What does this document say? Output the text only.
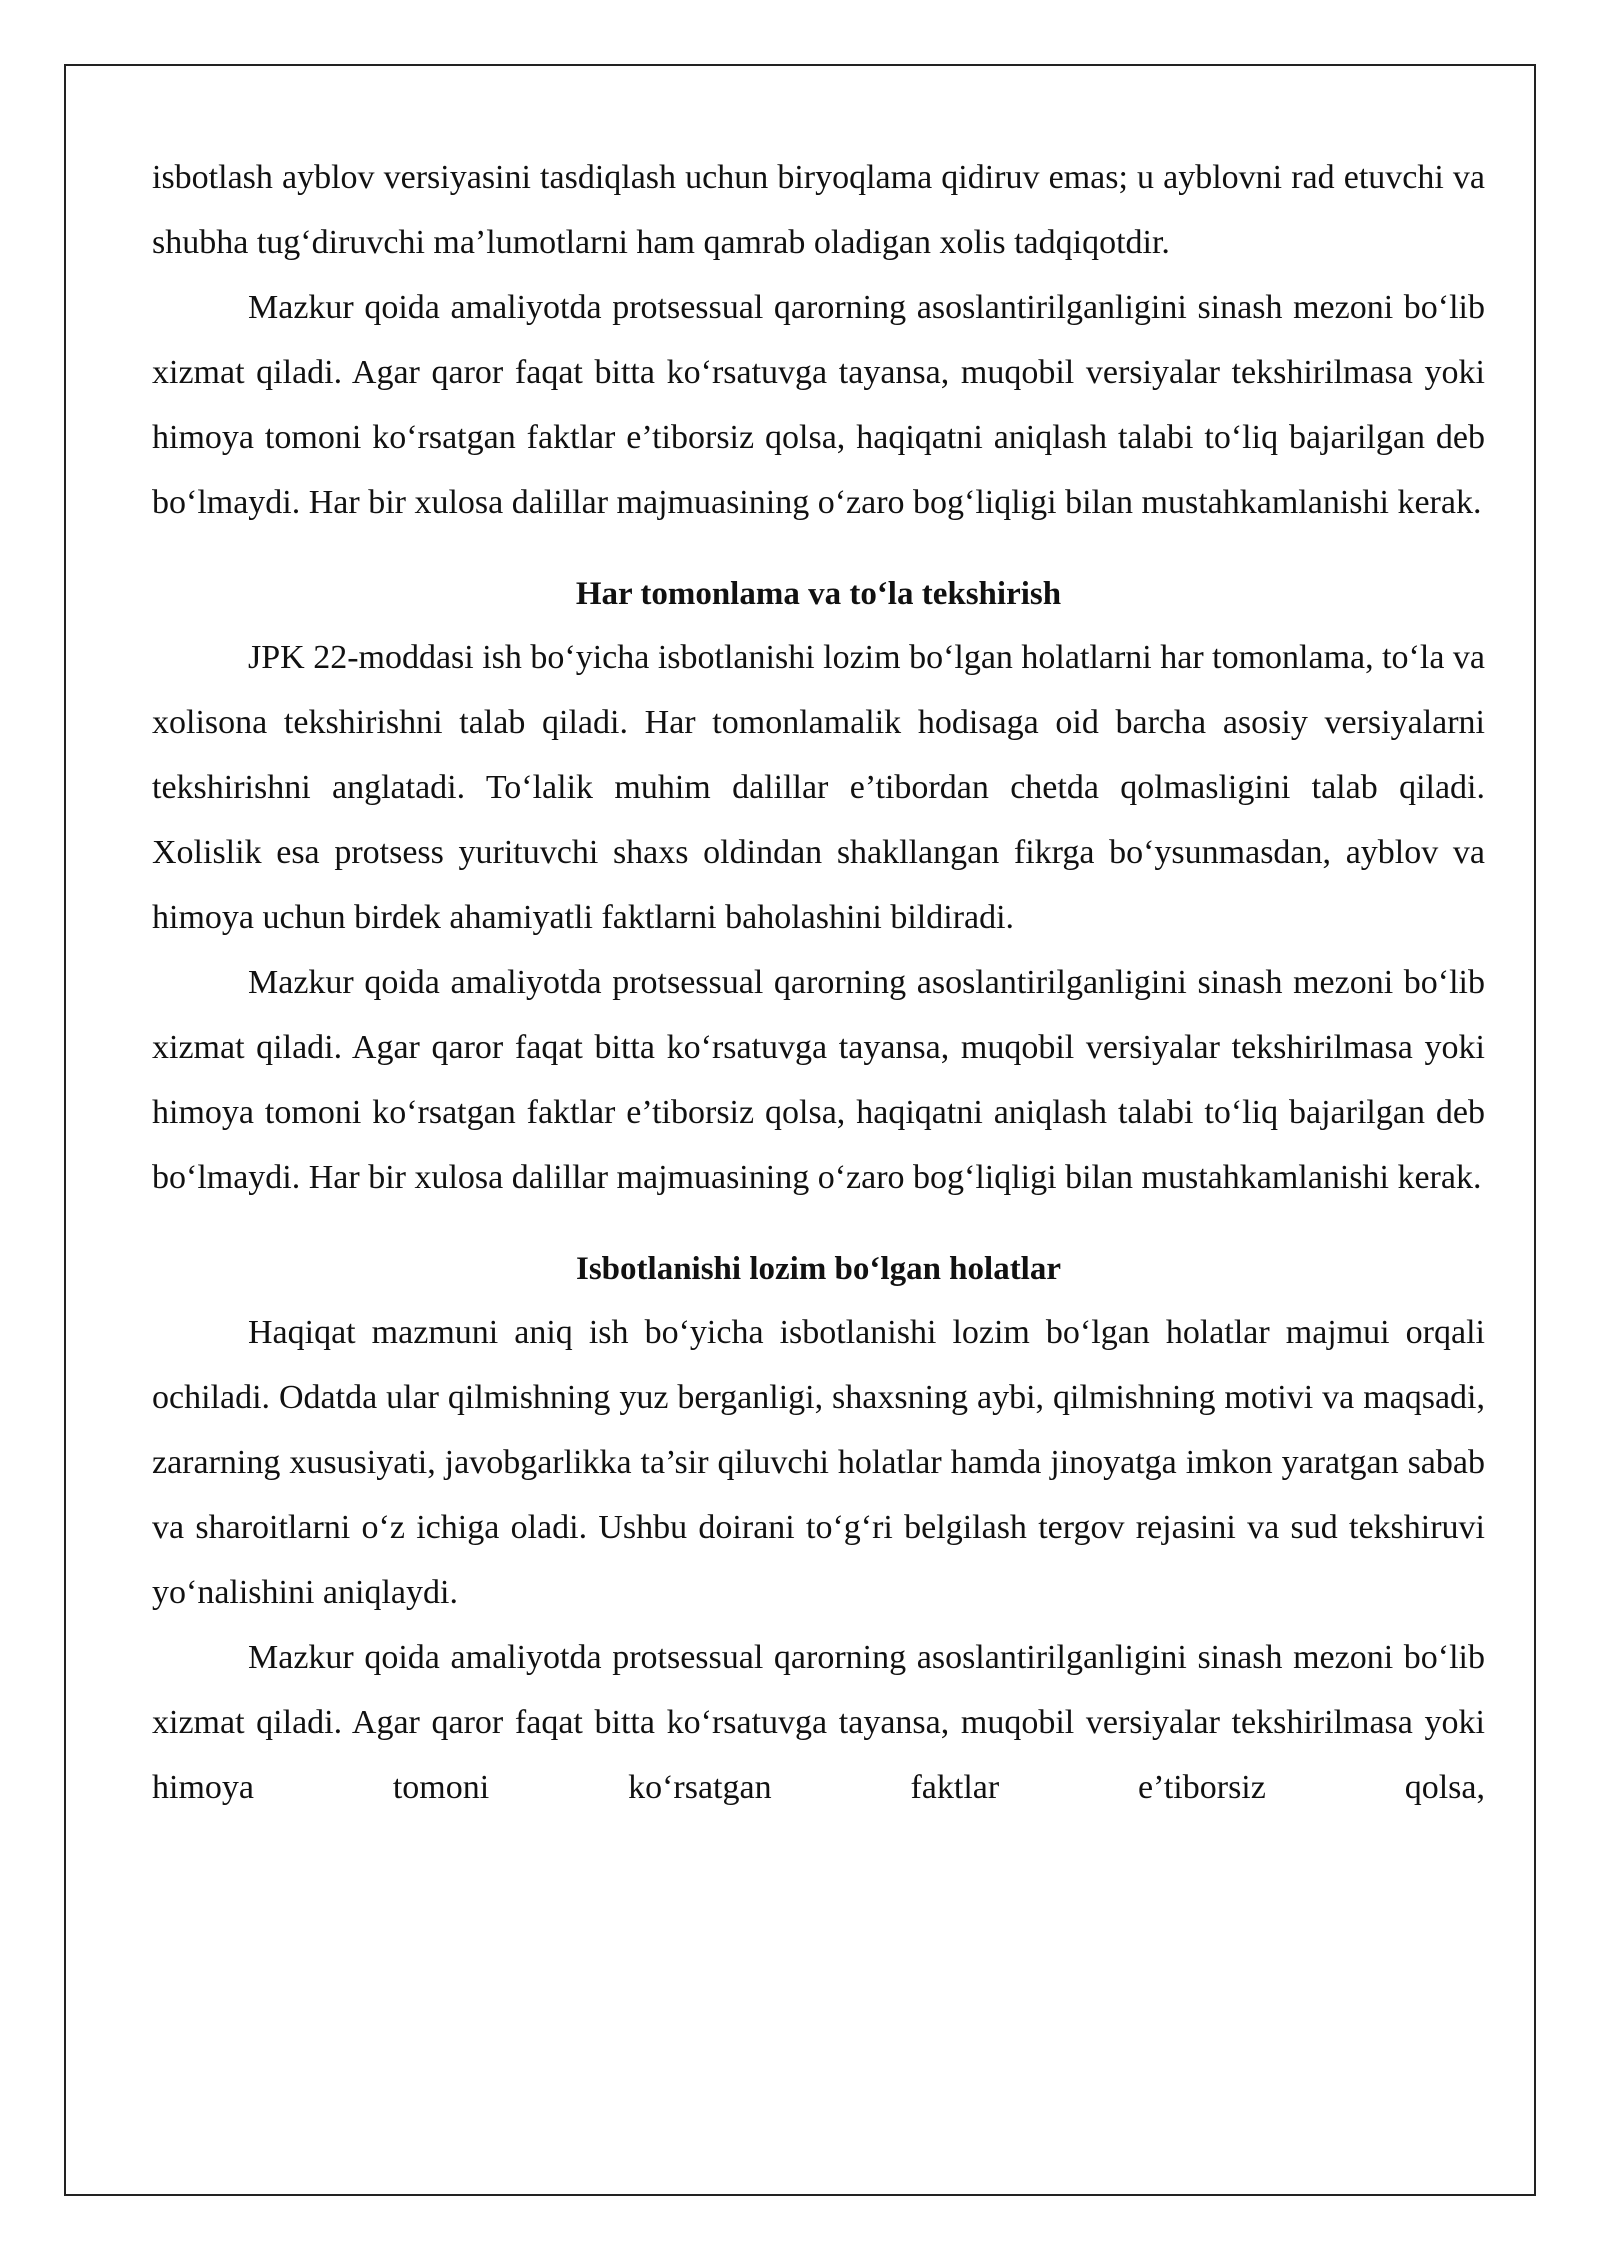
isbotlash ayblov versiyasini tasdiqlash uchun biryoqlama qidiruv emas; u ayblovni rad etuvchi va shubha tug‘diruvchi ma’lumotlarni ham qamrab oladigan xolis tadqiqotdir.

Mazkur qoida amaliyotda protsessual qarorning asoslantirilganligini sinash mezoni bo‘lib xizmat qiladi. Agar qaror faqat bitta ko‘rsatuvga tayansa, muqobil versiyalar tekshirilmasa yoki himoya tomoni ko‘rsatgan faktlar e’tiborsiz qolsa, haqiqatni aniqlash talabi to‘liq bajarilgan deb bo‘lmaydi. Har bir xulosa dalillar majmuasining o‘zaro bog‘liqligi bilan mustahkamlanishi kerak.

Har tomonlama va to‘la tekshirish

JPK 22-moddasi ish bo‘yicha isbotlanishi lozim bo‘lgan holatlarni har tomonlama, to‘la va xolisona tekshirishni talab qiladi. Har tomonlamalik hodisaga oid barcha asosiy versiyalarni tekshirishni anglatadi. To‘lalik muhim dalillar e’tibordan chetda qolmasligini talab qiladi. Xolislik esa protsess yurituvchi shaxs oldindan shakllangan fikrga bo‘ysunmasdan, ayblov va himoya uchun birdek ahamiyatli faktlarni baholashini bildiradi.

Mazkur qoida amaliyotda protsessual qarorning asoslantirilganligini sinash mezoni bo‘lib xizmat qiladi. Agar qaror faqat bitta ko‘rsatuvga tayansa, muqobil versiyalar tekshirilmasa yoki himoya tomoni ko‘rsatgan faktlar e’tiborsiz qolsa, haqiqatni aniqlash talabi to‘liq bajarilgan deb bo‘lmaydi. Har bir xulosa dalillar majmuasining o‘zaro bog‘liqligi bilan mustahkamlanishi kerak.

Isbotlanishi lozim bo‘lgan holatlar

Haqiqat mazmuni aniq ish bo‘yicha isbotlanishi lozim bo‘lgan holatlar majmui orqali ochiladi. Odatda ular qilmishning yuz berganligi, shaxsning aybi, qilmishning motivi va maqsadi, zararning xususiyati, javobgarlikka ta’sir qiluvchi holatlar hamda jinoyatga imkon yaratgan sabab va sharoitlarni o‘z ichiga oladi. Ushbu doirani to‘g‘ri belgilash tergov rejasini va sud tekshiruvi yo‘nalishini aniqlaydi.

Mazkur qoida amaliyotda protsessual qarorning asoslantirilganligini sinash mezoni bo‘lib xizmat qiladi. Agar qaror faqat bitta ko‘rsatuvga tayansa, muqobil versiyalar tekshirilmasa yoki himoya tomoni ko‘rsatgan faktlar e’tiborsiz qolsa,
